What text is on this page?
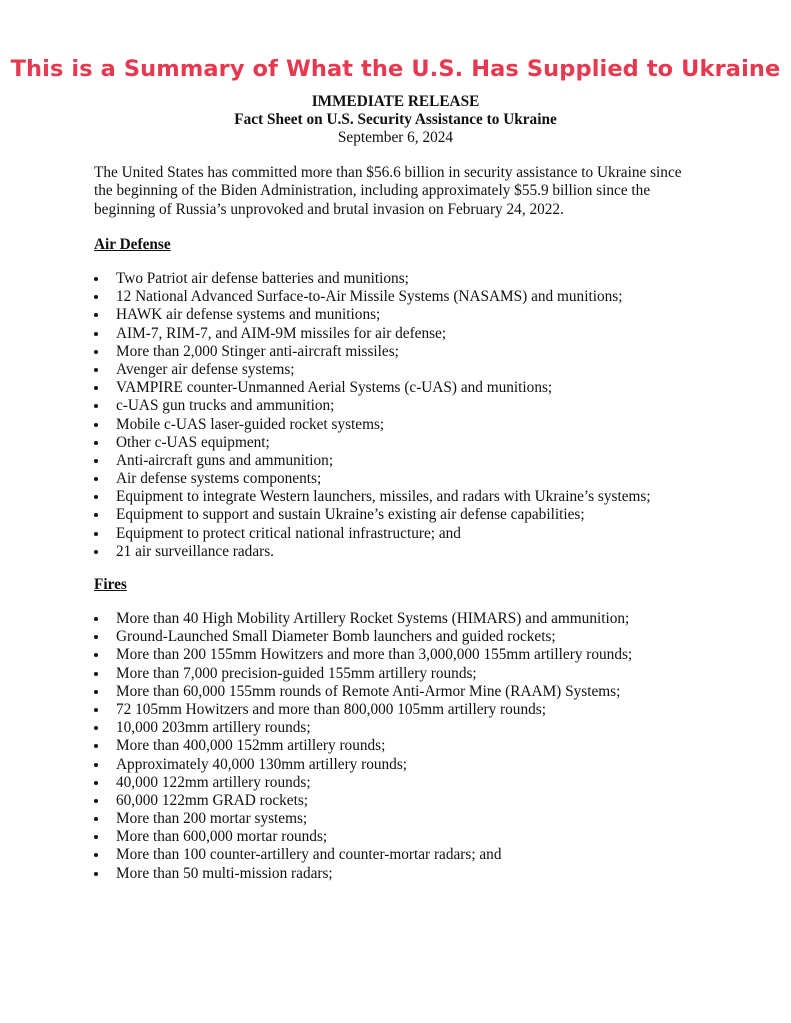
This is a Summary of What the U.S. Has Supplied to Ukraine
IMMEDIATE RELEASE
Fact Sheet on U.S. Security Assistance to Ukraine
September 6, 2024

The United States has committed more than $56.6 billion in security assistance to Ukraine since
the beginning of the Biden Administration, including approximately $55.9 billion since the
beginning of Russia’s unprovoked and brutal invasion on February 24, 2022.

Air Defense
Two Patriot air defense batteries and munitions;
12 National Advanced Surface-to-Air Missile Systems (NASAMS) and munitions;
HAWK air defense systems and munitions;
AIM-7, RIM-7, and AIM-9M missiles for air defense;
More than 2,000 Stinger anti-aircraft missiles;
Avenger air defense systems;
VAMPIRE counter-Unmanned Aerial Systems (c-UAS) and munitions;
c-UAS gun trucks and ammunition;
Mobile c-UAS laser-guided rocket systems;
Other c-UAS equipment;
Anti-aircraft guns and ammunition;
Air defense systems components;
Equipment to integrate Western launchers, missiles, and radars with Ukraine’s systems;
Equipment to support and sustain Ukraine’s existing air defense capabilities;
Equipment to protect critical national infrastructure; and
21 air surveillance radars.
Fires
More than 40 High Mobility Artillery Rocket Systems (HIMARS) and ammunition;
Ground-Launched Small Diameter Bomb launchers and guided rockets;
More than 200 155mm Howitzers and more than 3,000,000 155mm artillery rounds;
More than 7,000 precision-guided 155mm artillery rounds;
More than 60,000 155mm rounds of Remote Anti-Armor Mine (RAAM) Systems;
72 105mm Howitzers and more than 800,000 105mm artillery rounds;
10,000 203mm artillery rounds;
More than 400,000 152mm artillery rounds;
Approximately 40,000 130mm artillery rounds;
40,000 122mm artillery rounds;
60,000 122mm GRAD rockets;
More than 200 mortar systems;
More than 600,000 mortar rounds;
More than 100 counter-artillery and counter-mortar radars; and
More than 50 multi-mission radars;
